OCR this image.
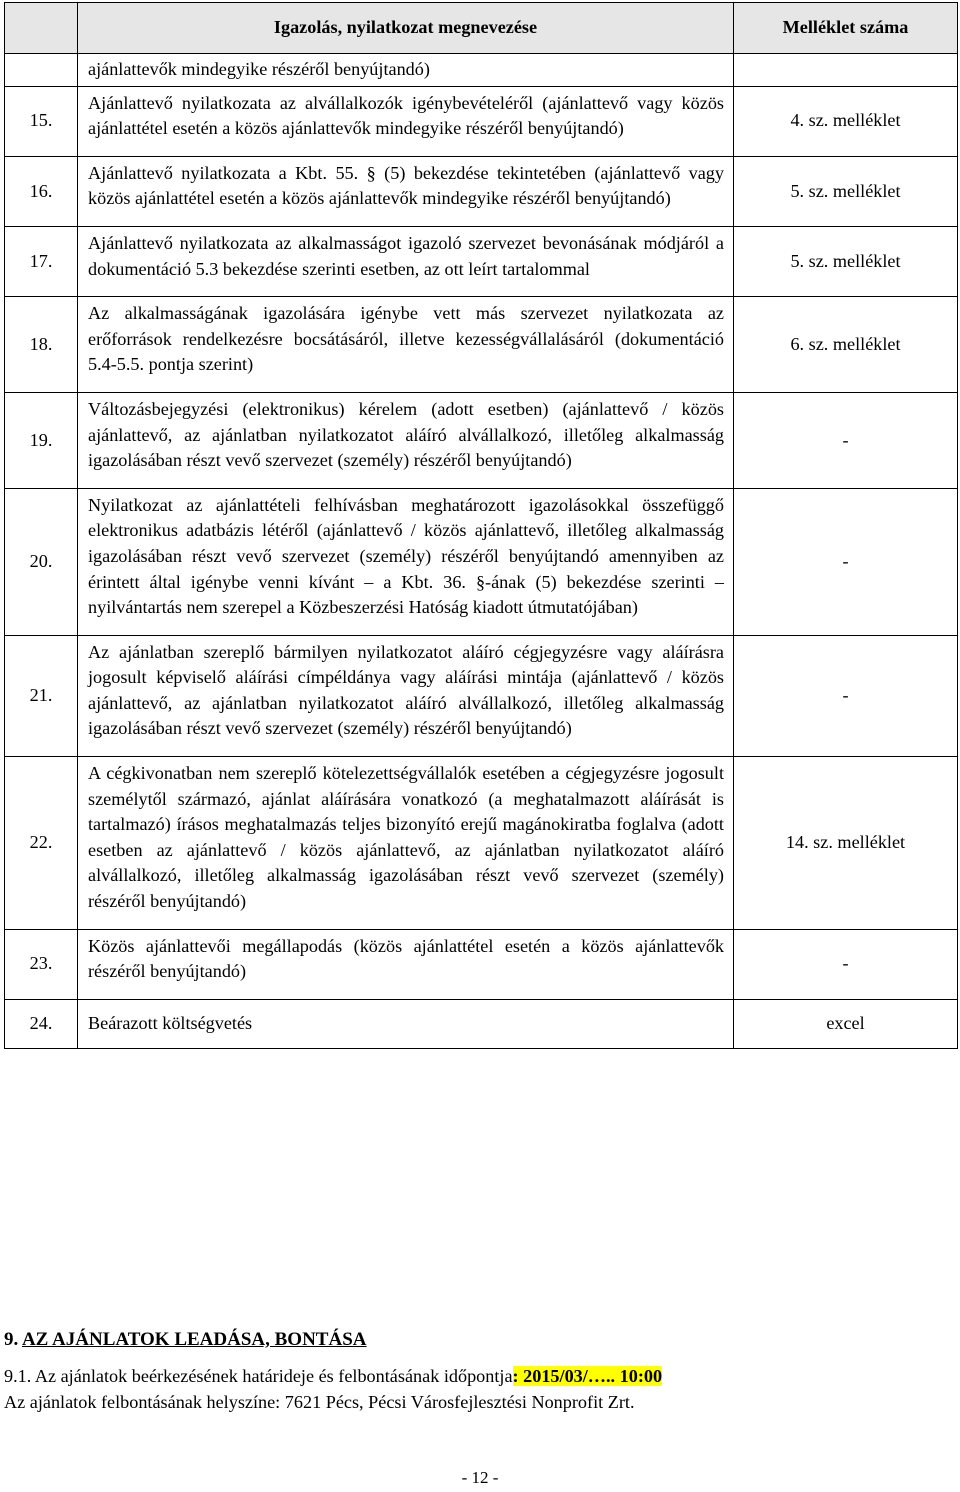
	Igazolás, nyilatkozat megnevezése	Melléklet száma
	ajánlattevők mindegyike részéről benyújtandó)	
15.	Ajánlattevő nyilatkozata az alvállalkozók igénybevételéről (ajánlattevő vagy közös ajánlattétel esetén a közös ajánlattevők mindegyike részéről benyújtandó)	4. sz. melléklet
16.	Ajánlattevő nyilatkozata a Kbt. 55. § (5) bekezdése tekintetében (ajánlattevő vagy közös ajánlattétel esetén a közös ajánlattevők mindegyike részéről benyújtandó)	5. sz. melléklet
17.	Ajánlattevő nyilatkozata az alkalmasságot igazoló szervezet bevonásának módjáról a dokumentáció 5.3 bekezdése szerinti esetben, az ott leírt tartalommal	5. sz. melléklet
18.	Az alkalmasságának igazolására igénybe vett más szervezet nyilatkozata az erőforrások rendelkezésre bocsátásáról, illetve kezességvállalásáról (dokumentáció 5.4-5.5. pontja szerint)	6. sz. melléklet
19.	Változásbejegyzési (elektronikus) kérelem (adott esetben) (ajánlattevő / közös ajánlattevő, az ajánlatban nyilatkozatot aláíró alvállalkozó, illetőleg alkalmasság igazolásában részt vevő szervezet (személy) részéről benyújtandó)	-
20.	Nyilatkozat az ajánlattételi felhívásban meghatározott igazolásokkal összefüggő elektronikus adatbázis létéről (ajánlattevő / közös ajánlattevő, illetőleg alkalmasság igazolásában részt vevő szervezet (személy) részéről benyújtandó amennyiben az érintett által igénybe venni kívánt – a Kbt. 36. §-ának (5) bekezdése szerinti – nyilvántartás nem szerepel a Közbeszerzési Hatóság kiadott útmutatójában)	-
21.	Az ajánlatban szereplő bármilyen nyilatkozatot aláíró cégjegyzésre vagy aláírásra jogosult képviselő aláírási címpéldánya vagy aláírási mintája (ajánlattevő / közös ajánlattevő, az ajánlatban nyilatkozatot aláíró alvállalkozó, illetőleg alkalmasság igazolásában részt vevő szervezet (személy) részéről benyújtandó)	-
22.	A cégkivonatban nem szereplő kötelezettségvállalók esetében a cégjegyzésre jogosult személytől származó, ajánlat aláírására vonatkozó (a meghatalmazott aláírását is tartalmazó) írásos meghatalmazás teljes bizonyító erejű magánokiratba foglalva (adott esetben az ajánlattevő / közös ajánlattevő, az ajánlatban nyilatkozatot aláíró alvállalkozó, illetőleg alkalmasság igazolásában részt vevő szervezet (személy) részéről benyújtandó)	14. sz. melléklet
23.	Közös ajánlattevői megállapodás (közös ajánlattétel esetén a közös ajánlattevők részéről benyújtandó)	-
24.	Beárazott költségvetés	excel
9. AZ AJÁNLATOK LEADÁSA, BONTÁSA
9.1. Az ajánlatok beérkezésének határideje és felbontásának időpontja: 2015/03/….. 10:00
Az ajánlatok felbontásának helyszíne: 7621 Pécs, Pécsi Városfejlesztési Nonprofit Zrt.
- 12 -
